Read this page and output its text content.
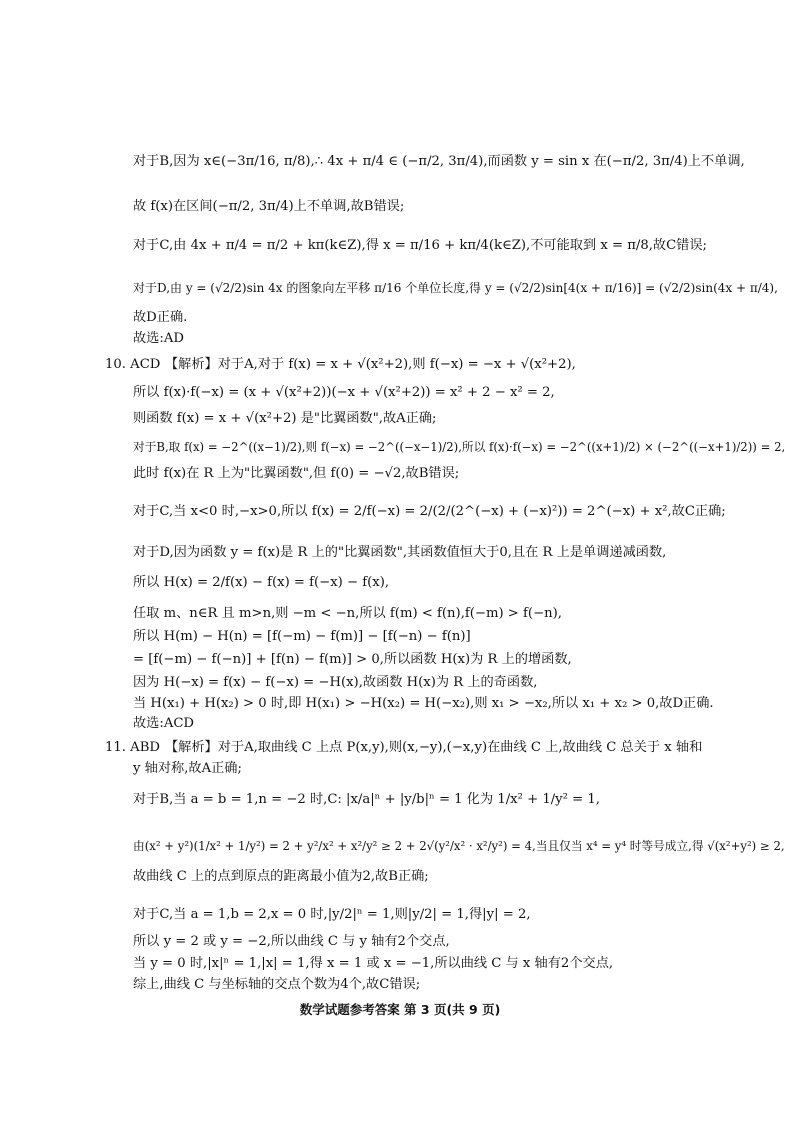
对于B,因为 x∈(−3π/16, π/8),∴ 4x + π/4 ∈ (−π/2, 3π/4),而函数 y = sin x 在(−π/2, 3π/4)上不单调,
故 f(x)在区间(−π/2, 3π/4)上不单调,故B错误;
对于C,由 4x + π/4 = π/2 + kπ(k∈Z),得 x = π/16 + kπ/4(k∈Z),不可能取到 x = π/8,故C错误;
对于D,由 y = (√2/2)sin 4x 的图象向左平移 π/16 个单位长度,得 y = (√2/2)sin[4(x + π/16)] = (√2/2)sin(4x + π/4),
故D正确.
故选:AD
10. ACD 【解析】对于A,对于 f(x) = x + √(x²+2),则 f(−x) = −x + √(x²+2),
所以 f(x)·f(−x) = (x + √(x²+2))(−x + √(x²+2)) = x² + 2 − x² = 2,
则函数 f(x) = x + √(x²+2) 是"比翼函数",故A正确;
对于B,取 f(x) = −2^((x−1)/2),则 f(−x) = −2^((−x−1)/2),所以 f(x)·f(−x) = −2^((x+1)/2) × (−2^((−x+1)/2)) = 2,
此时 f(x)在 R 上为"比翼函数",但 f(0) = −√2,故B错误;
对于C,当 x<0 时,−x>0,所以 f(x) = 2/f(−x) = 2/(2/(2^(−x) + (−x)²)) = 2^(−x) + x²,故C正确;
对于D,因为函数 y = f(x)是 R 上的"比翼函数",其函数值恒大于0,且在 R 上是单调递减函数,
所以 H(x) = 2/f(x) − f(x) = f(−x) − f(x),
任取 m、n∈R 且 m>n,则 −m < −n,所以 f(m) < f(n),f(−m) > f(−n),
所以 H(m) − H(n) = [f(−m) − f(m)] − [f(−n) − f(n)]
= [f(−m) − f(−n)] + [f(n) − f(m)] > 0,所以函数 H(x)为 R 上的增函数,
因为 H(−x) = f(x) − f(−x) = −H(x),故函数 H(x)为 R 上的奇函数,
当 H(x₁) + H(x₂) > 0 时,即 H(x₁) > −H(x₂) = H(−x₂),则 x₁ > −x₂,所以 x₁ + x₂ > 0,故D正确.
故选:ACD
11. ABD 【解析】对于A,取曲线 C 上点 P(x,y),则(x,−y),(−x,y)在曲线 C 上,故曲线 C 总关于 x 轴和
y 轴对称,故A正确;
对于B,当 a = b = 1,n = −2 时,C: |x/a|ⁿ + |y/b|ⁿ = 1 化为 1/x² + 1/y² = 1,
由(x² + y²)(1/x² + 1/y²) = 2 + y²/x² + x²/y² ≥ 2 + 2√(y²/x² · x²/y²) = 4,当且仅当 x⁴ = y⁴ 时等号成立,得 √(x²+y²) ≥ 2,
故曲线 C 上的点到原点的距离最小值为2,故B正确;
对于C,当 a = 1,b = 2,x = 0 时,|y/2|ⁿ = 1,则|y/2| = 1,得|y| = 2,
所以 y = 2 或 y = −2,所以曲线 C 与 y 轴有2个交点,
当 y = 0 时,|x|ⁿ = 1,|x| = 1,得 x = 1 或 x = −1,所以曲线 C 与 x 轴有2个交点,
综上,曲线 C 与坐标轴的交点个数为4个,故C错误;
数学试题参考答案 第 3 页(共 9 页)
